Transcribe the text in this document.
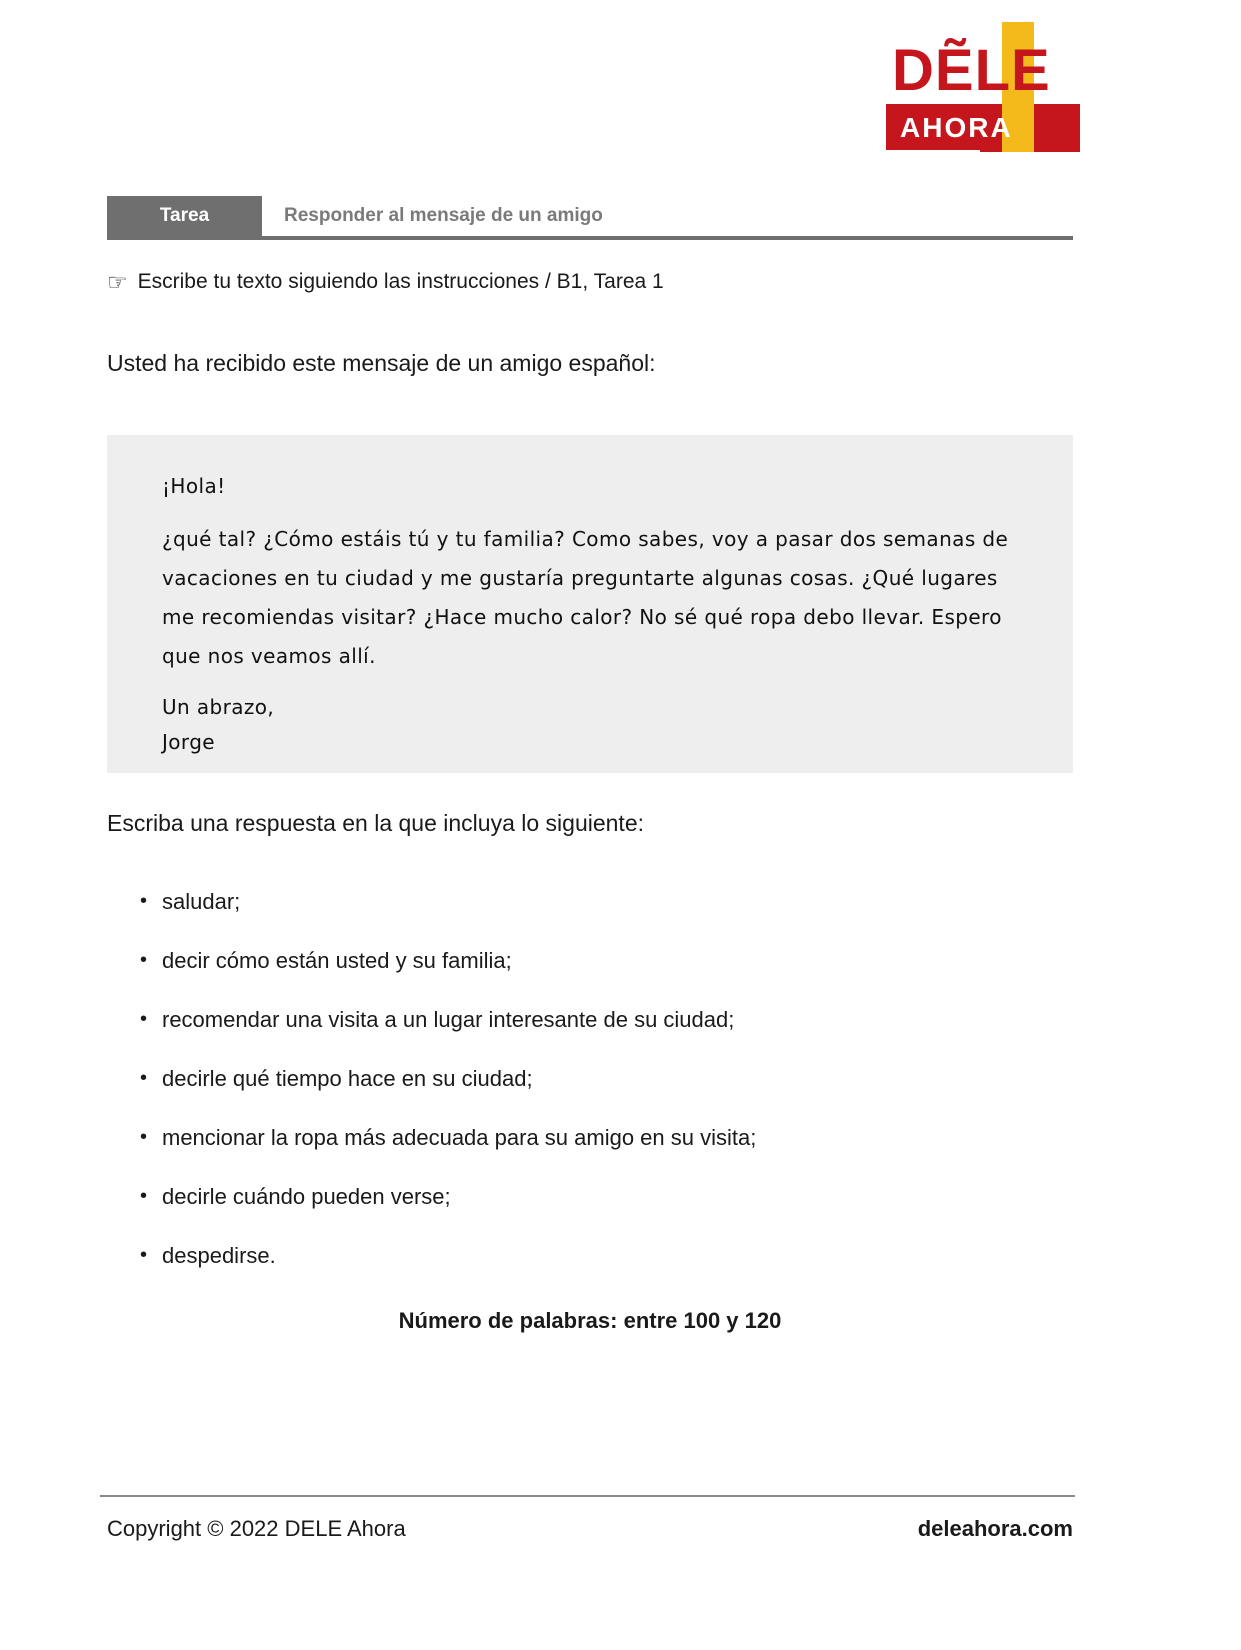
DẼLE
AHORA
Tarea	Responder al mensaje de un amigo
☞ Escribe tu texto siguiendo las instrucciones / B1, Tarea 1
Usted ha recibido este mensaje de un amigo español:
¡Hola!
¿qué tal? ¿Cómo estáis tú y tu familia? Como sabes, voy a pasar dos semanas de vacaciones en tu ciudad y me gustaría preguntarte algunas cosas. ¿Qué lugares me recomiendas visitar? ¿Hace mucho calor? No sé qué ropa debo llevar. Espero que nos veamos allí.
Un abrazo,
Jorge
Escriba una respuesta en la que incluya lo siguiente:
• saludar;
• decir cómo están usted y su familia;
• recomendar una visita a un lugar interesante de su ciudad;
• decirle qué tiempo hace en su ciudad;
• mencionar la ropa más adecuada para su amigo en su visita;
• decirle cuándo pueden verse;
• despedirse.
Número de palabras: entre 100 y 120
Copyright © 2022 DELE Ahora	deleahora.com
